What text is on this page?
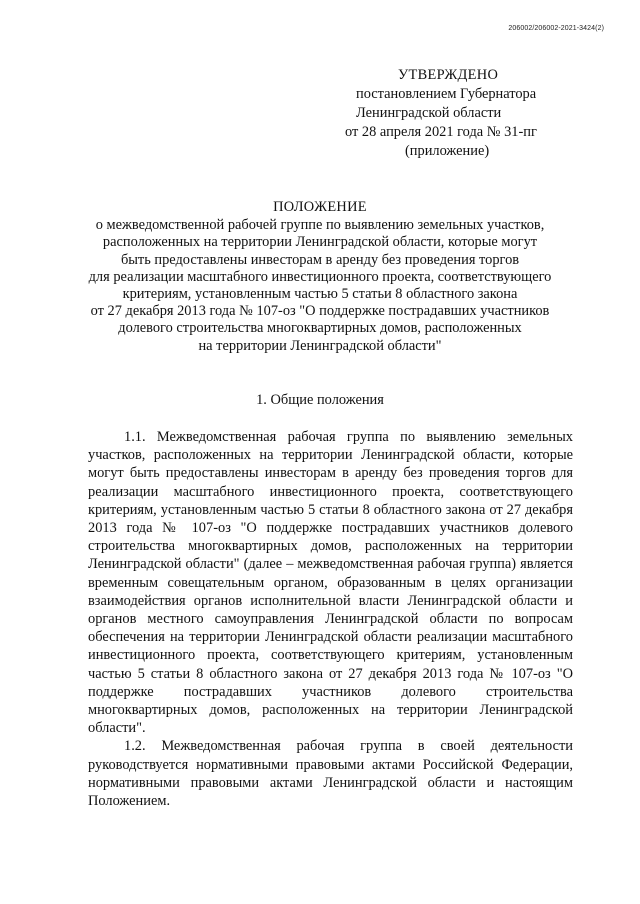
206002/206002-2021-3424(2)
УТВЕРЖДЕНО
постановлением Губернатора
Ленинградской области
от 28 апреля 2021 года № 31-пг
(приложение)
ПОЛОЖЕНИЕ
о межведомственной рабочей группе по выявлению земельных участков,
расположенных на территории Ленинградской области, которые могут
быть предоставлены инвесторам в аренду без проведения торгов
для реализации масштабного инвестиционного проекта, соответствующего
критериям, установленным частью 5 статьи 8 областного закона
от 27 декабря 2013 года № 107-оз "О поддержке пострадавших участников
долевого строительства многоквартирных домов, расположенных
на территории Ленинградской области"
1. Общие положения

1.1. Межведомственная рабочая группа по выявлению земельных участков, расположенных на территории Ленинградской области, которые могут быть предоставлены инвесторам в аренду без проведения торгов для реализации масштабного инвестиционного проекта, соответствующего критериям, установленным частью 5 статьи 8 областного закона от 27 декабря 2013 года № 107-оз "О поддержке пострадавших участников долевого строительства многоквартирных домов, расположенных на территории Ленинградской области" (далее – межведомственная рабочая группа) является временным совещательным органом, образованным в целях организации взаимодействия органов исполнительной власти Ленинградской области и органов местного самоуправления Ленинградской области по вопросам обеспечения на территории Ленинградской области реализации масштабного инвестиционного проекта, соответствующего критериям, установленным частью 5 статьи 8 областного закона от 27 декабря 2013 года № 107-оз "О поддержке пострадавших участников долевого строительства многоквартирных домов, расположенных на территории Ленинградской области".

1.2. Межведомственная рабочая группа в своей деятельности руководствуется нормативными правовыми актами Российской Федерации, нормативными правовыми актами Ленинградской области и настоящим Положением.
